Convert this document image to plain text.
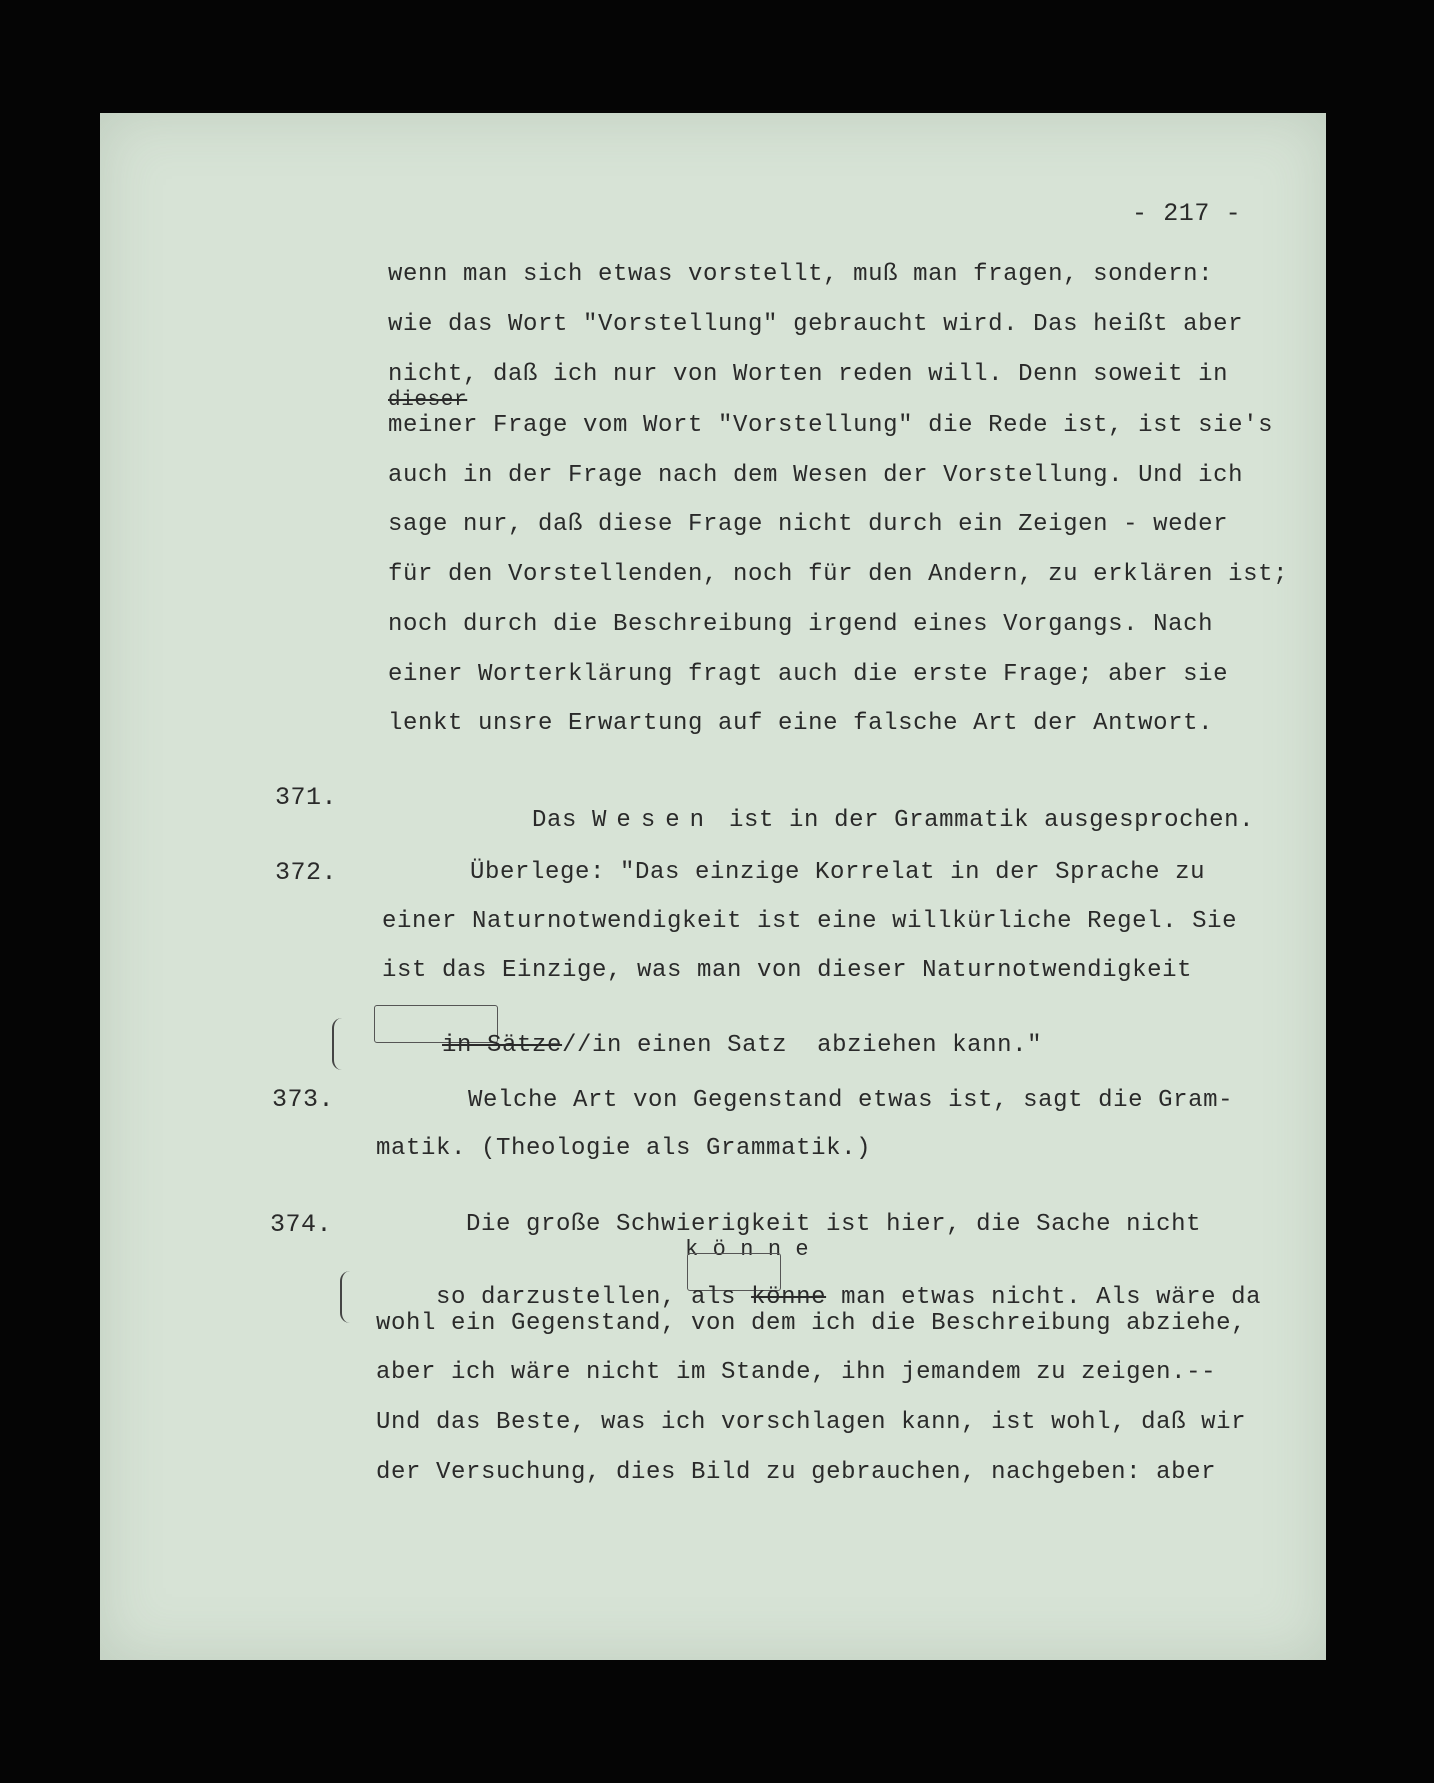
- 217 -
wenn man sich etwas vorstellt, muß man fragen, sondern:
wie das Wort "Vorstellung" gebraucht wird. Das heißt aber
nicht, daß ich nur von Worten reden will. Denn soweit in
dieser
meiner Frage vom Wort "Vorstellung" die Rede ist, ist sie's
auch in der Frage nach dem Wesen der Vorstellung. Und ich
sage nur, daß diese Frage nicht durch ein Zeigen - weder
für den Vorstellenden, noch für den Andern, zu erklären ist;
noch durch die Beschreibung irgend eines Vorgangs. Nach
einer Worterklärung fragt auch die erste Frage; aber sie
lenkt unsre Erwartung auf eine falsche Art der Antwort.
371.

Das Wesen ist in der Grammatik ausgesprochen.

372.	Überlege: "Das einzige Korrelat in der Sprache zu
einer Naturnotwendigkeit ist eine willkürliche Regel. Sie
ist das Einzige, was man von dieser Naturnotwendigkeit

in Sätze//in einen Satz  abziehen kann."

373.	Welche Art von Gegenstand etwas ist, sagt die Gram-
matik. (Theologie als Grammatik.)
374.	Die große Schwierigkeit ist hier, die Sache nicht
k ö n n e

so darzustellen, als könne man etwas nicht. Als wäre da

wohl ein Gegenstand, von dem ich die Beschreibung abziehe,
aber ich wäre nicht im Stande, ihn jemandem zu zeigen.--
Und das Beste, was ich vorschlagen kann, ist wohl, daß wir
der Versuchung, dies Bild zu gebrauchen, nachgeben: aber
